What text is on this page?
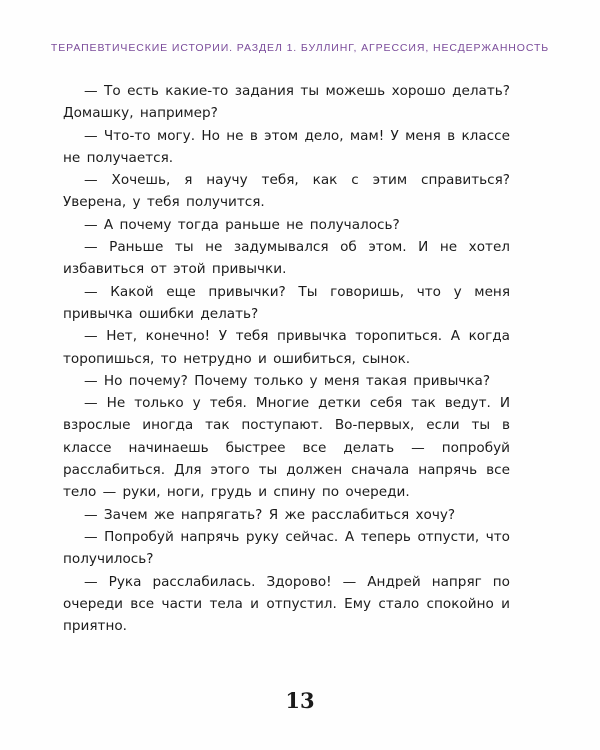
ТЕРАПЕВТИЧЕСКИЕ ИСТОРИИ. РАЗДЕЛ 1. БУЛЛИНГ, АГРЕССИЯ, НЕСДЕРЖАННОСТЬ

— То есть какие-то задания ты можешь хорошо делать? Домашку, например?

— Что-то могу. Но не в этом дело, мам! У меня в классе не получается.

— Хочешь, я научу тебя, как с этим справиться? Уверена, у тебя получится.

— А почему тогда раньше не получалось?

— Раньше ты не задумывался об этом. И не хотел избавиться от этой привычки.

— Какой еще привычки? Ты говоришь, что у меня привычка ошибки делать?

— Нет, конечно! У тебя привычка торопиться. А когда торопишься, то нетрудно и ошибиться, сынок.

— Но почему? Почему только у меня такая привычка?

— Не только у тебя. Многие детки себя так ведут. И взрослые иногда так поступают. Во-первых, если ты в классе начинаешь быстрее все делать — попробуй расслабиться. Для этого ты должен сначала напрячь все тело — руки, ноги, грудь и спину по очереди.

— Зачем же напрягать? Я же расслабиться хочу?

— Попробуй напрячь руку сейчас. А теперь отпусти, что получилось?

— Рука расслабилась. Здорово! — Андрей напряг по очереди все части тела и отпустил. Ему стало спокойно и приятно.

13
